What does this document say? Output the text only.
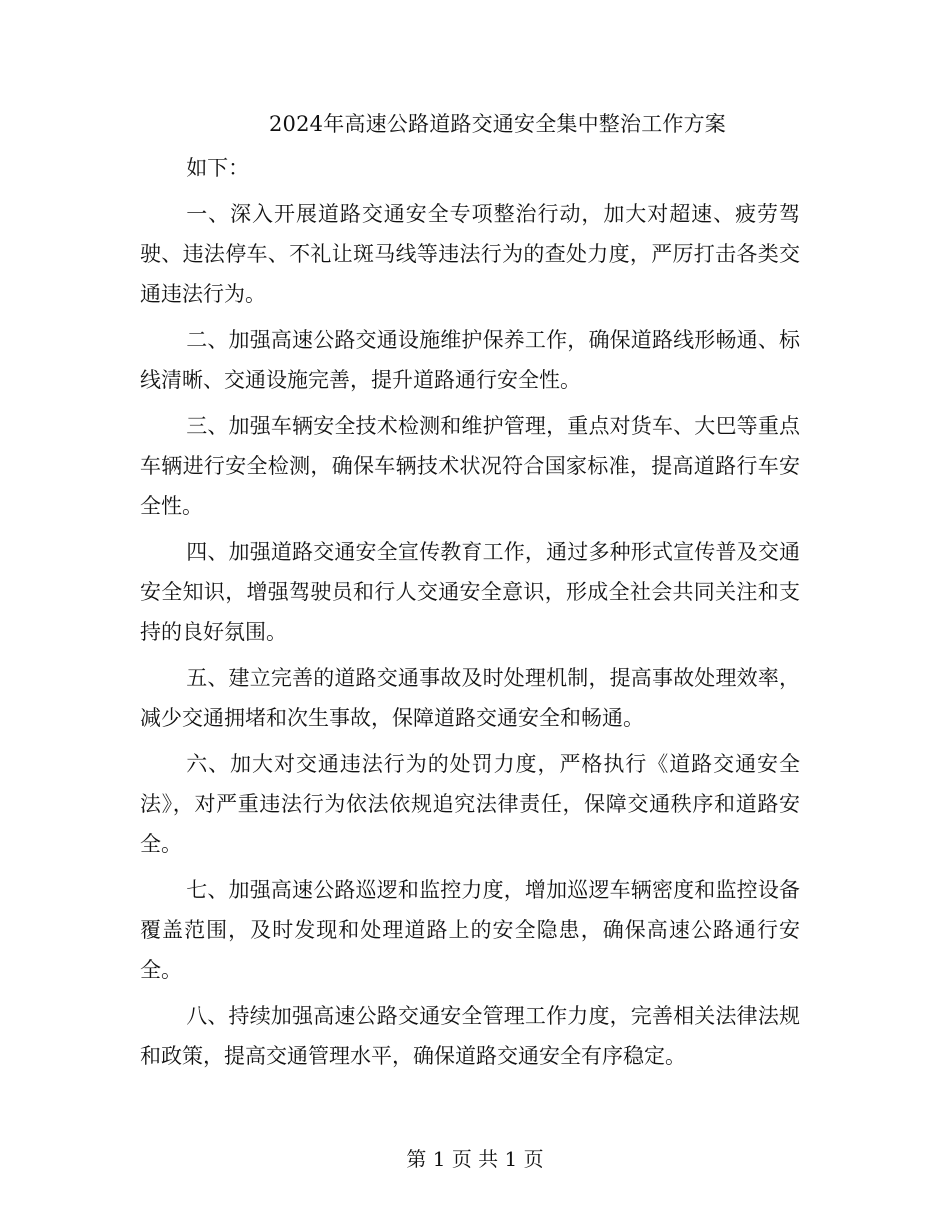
2024年高速公路道路交通安全集中整治工作方案

如下：

一、深入开展道路交通安全专项整治行动，加大对超速、疲劳驾驶、违法停车、不礼让斑马线等违法行为的查处力度，严厉打击各类交通违法行为。

二、加强高速公路交通设施维护保养工作，确保道路线形畅通、标线清晰、交通设施完善，提升道路通行安全性。

三、加强车辆安全技术检测和维护管理，重点对货车、大巴等重点车辆进行安全检测，确保车辆技术状况符合国家标准，提高道路行车安全性。

四、加强道路交通安全宣传教育工作，通过多种形式宣传普及交通安全知识，增强驾驶员和行人交通安全意识，形成全社会共同关注和支持的良好氛围。

五、建立完善的道路交通事故及时处理机制，提高事故处理效率，减少交通拥堵和次生事故，保障道路交通安全和畅通。

六、加大对交通违法行为的处罚力度，严格执行《道路交通安全法》，对严重违法行为依法依规追究法律责任，保障交通秩序和道路安全。

七、加强高速公路巡逻和监控力度，增加巡逻车辆密度和监控设备覆盖范围，及时发现和处理道路上的安全隐患，确保高速公路通行安全。

八、持续加强高速公路交通安全管理工作力度，完善相关法律法规和政策，提高交通管理水平，确保道路交通安全有序稳定。

第 1 页 共 1 页
